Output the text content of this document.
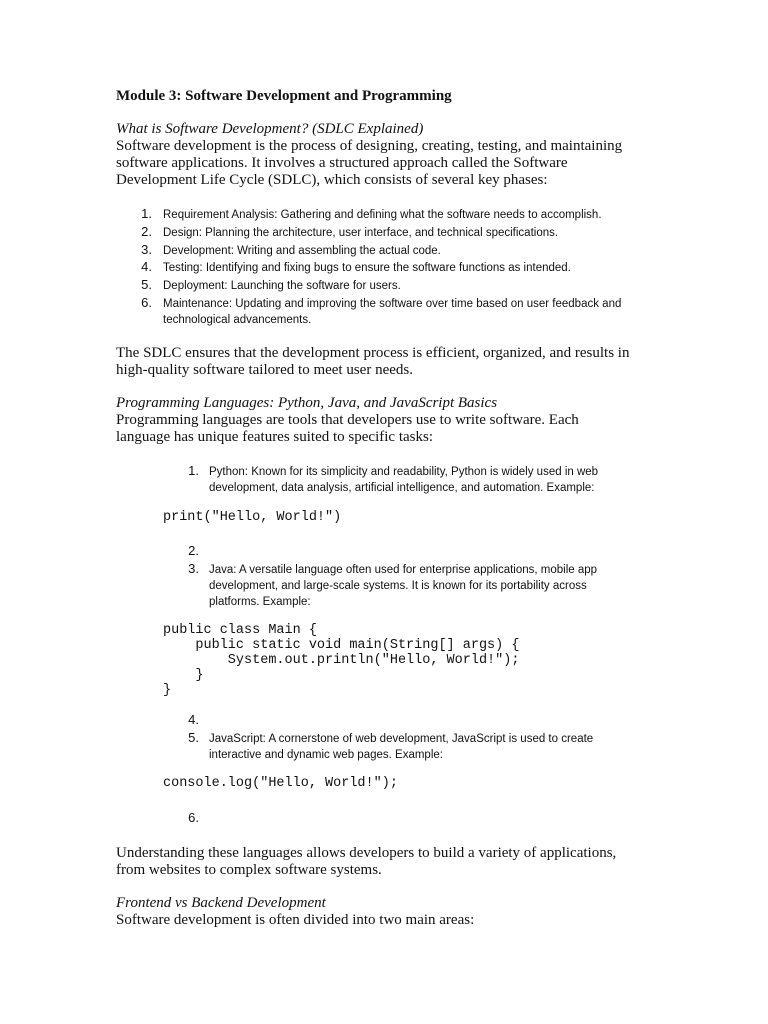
Module 3: Software Development and Programming
What is Software Development? (SDLC Explained)
Software development is the process of designing, creating, testing, and maintaining
software applications. It involves a structured approach called the Software
Development Life Cycle (SDLC), which consists of several key phases:
1. Requirement Analysis: Gathering and defining what the software needs to accomplish.
2. Design: Planning the architecture, user interface, and technical specifications.
3. Development: Writing and assembling the actual code.
4. Testing: Identifying and fixing bugs to ensure the software functions as intended.
5. Deployment: Launching the software for users.
6. Maintenance: Updating and improving the software over time based on user feedback and
technological advancements.
The SDLC ensures that the development process is efficient, organized, and results in
high-quality software tailored to meet user needs.
Programming Languages: Python, Java, and JavaScript Basics
Programming languages are tools that developers use to write software. Each
language has unique features suited to specific tasks:
1. Python: Known for its simplicity and readability, Python is widely used in web
development, data analysis, artificial intelligence, and automation. Example:
print("Hello, World!")
2.
3. Java: A versatile language often used for enterprise applications, mobile app
development, and large-scale systems. It is known for its portability across
platforms. Example:
public class Main {
public static void main(String[] args) {
System.out.println("Hello, World!");
}
}
4.
5. JavaScript: A cornerstone of web development, JavaScript is used to create
interactive and dynamic web pages. Example:
console.log("Hello, World!");
6.
Understanding these languages allows developers to build a variety of applications,
from websites to complex software systems.
Frontend vs Backend Development
Software development is often divided into two main areas:
